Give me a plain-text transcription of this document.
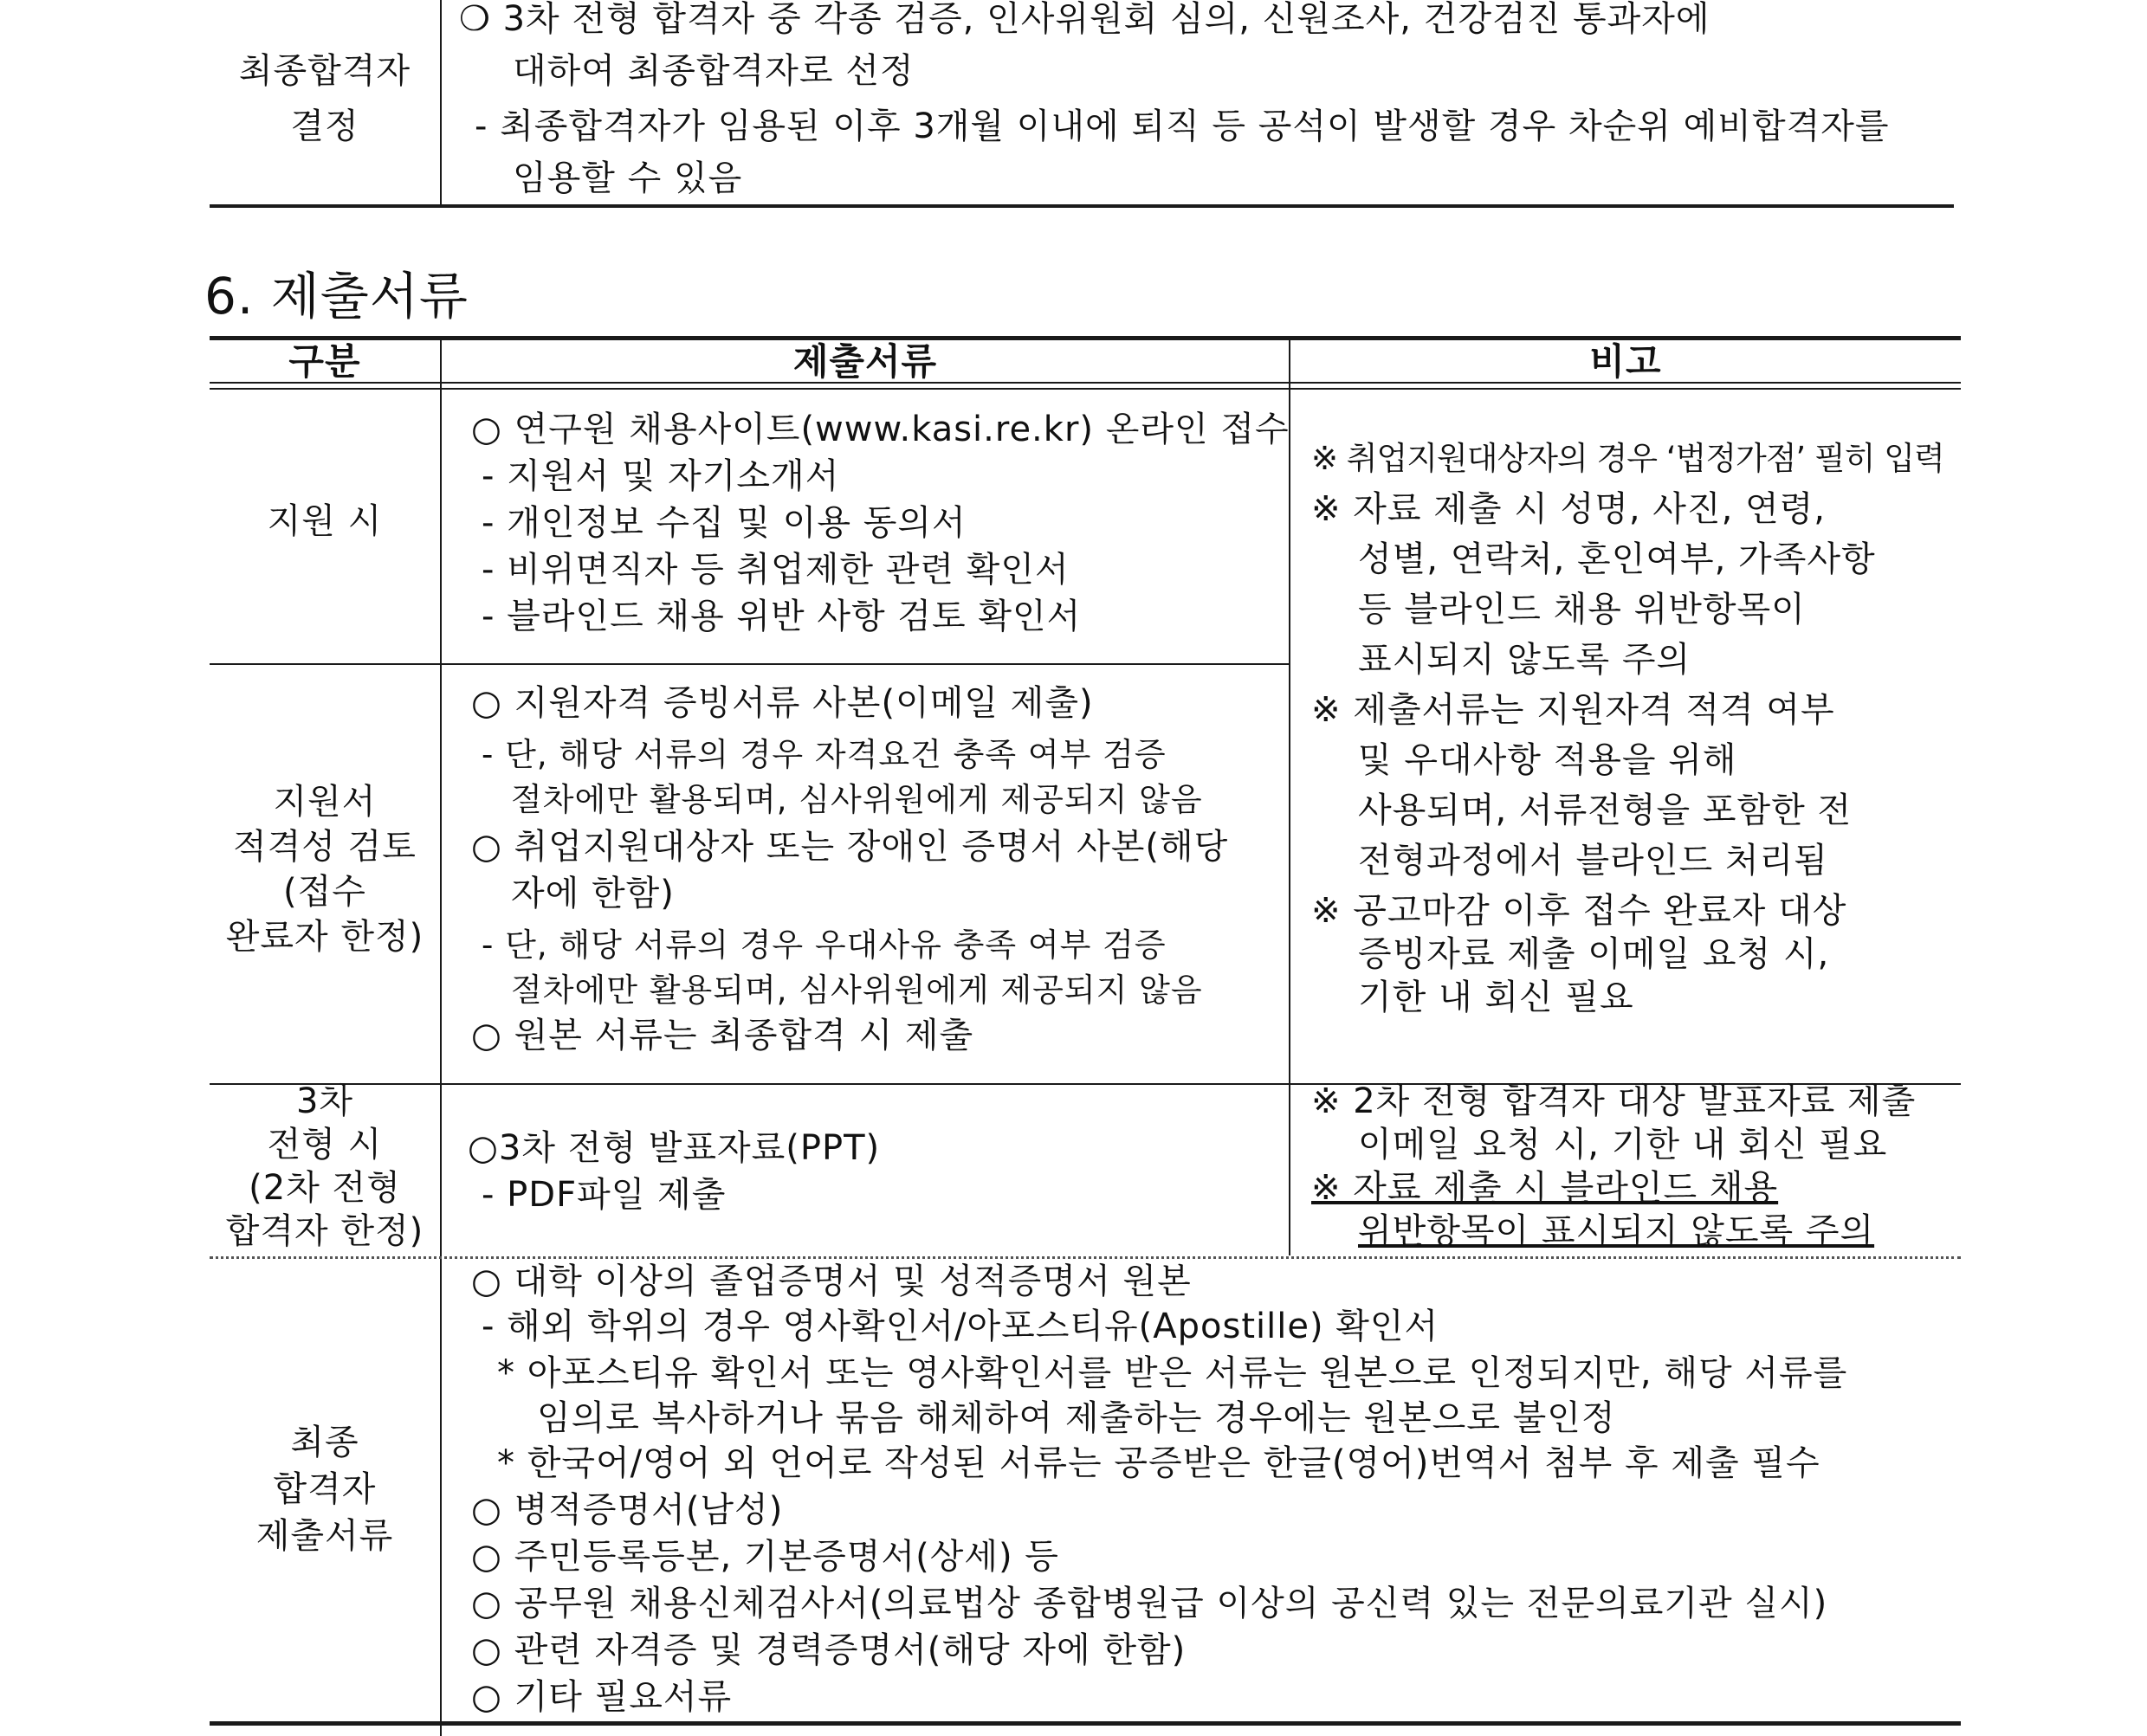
최종합격자
결정
❍ 3차 전형 합격자 중 각종 검증, 인사위원회 심의, 신원조사, 건강검진 통과자에
대하여 최종합격자로 선정
- 최종합격자가 임용된 이후 3개월 이내에 퇴직 등 공석이 발생할 경우 차순위 예비합격자를
임용할 수 있음
6. 제출서류
구분	제출서류	비고
지원 시
○ 연구원 채용사이트(www.kasi.re.kr) 온라인 접수
- 지원서 및 자기소개서
- 개인정보 수집 및 이용 동의서
- 비위면직자 등 취업제한 관련 확인서
- 블라인드 채용 위반 사항 검토 확인서
지원서
적격성 검토
(접수
완료자 한정)
○ 지원자격 증빙서류 사본(이메일 제출)
- 단, 해당 서류의 경우 자격요건 충족 여부 검증
절차에만 활용되며, 심사위원에게 제공되지 않음
○ 취업지원대상자 또는 장애인 증명서 사본(해당
자에 한함)
- 단, 해당 서류의 경우 우대사유 충족 여부 검증
절차에만 활용되며, 심사위원에게 제공되지 않음
○ 원본 서류는 최종합격 시 제출
※ 취업지원대상자의 경우 ‘법정가점’ 필히 입력
※ 자료 제출 시 성명, 사진, 연령,
성별, 연락처, 혼인여부, 가족사항
등 블라인드 채용 위반항목이
표시되지 않도록 주의
※ 제출서류는 지원자격 적격 여부
및 우대사항 적용을 위해
사용되며, 서류전형을 포함한 전
전형과정에서 블라인드 처리됨
※ 공고마감 이후 접수 완료자 대상
증빙자료 제출 이메일 요청 시,
기한 내 회신 필요
3차
전형 시
(2차 전형
합격자 한정)
○3차 전형 발표자료(PPT)
- PDF파일 제출
※ 2차 전형 합격자 대상 발표자료 제출
이메일 요청 시, 기한 내 회신 필요
※ 자료 제출 시 블라인드 채용
위반항목이 표시되지 않도록 주의
최종
합격자
제출서류
○ 대학 이상의 졸업증명서 및 성적증명서 원본
- 해외 학위의 경우 영사확인서/아포스티유(Apostille) 확인서
* 아포스티유 확인서 또는 영사확인서를 받은 서류는 원본으로 인정되지만, 해당 서류를
임의로 복사하거나 묶음 해체하여 제출하는 경우에는 원본으로 불인정
* 한국어/영어 외 언어로 작성된 서류는 공증받은 한글(영어)번역서 첨부 후 제출 필수
○ 병적증명서(남성)
○ 주민등록등본, 기본증명서(상세) 등
○ 공무원 채용신체검사서(의료법상 종합병원급 이상의 공신력 있는 전문의료기관 실시)
○ 관련 자격증 및 경력증명서(해당 자에 한함)
○ 기타 필요서류
